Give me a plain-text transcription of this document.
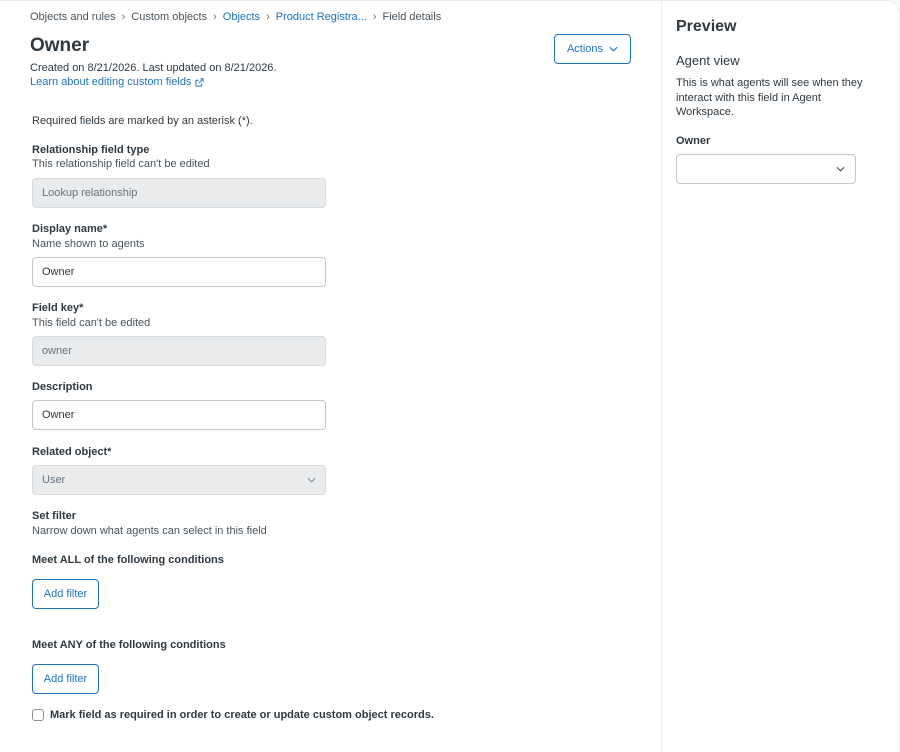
Objects and rules › Custom objects › Objects › Product Registra... › Field details
Owner
Created on 8/21/2026. Last updated on 8/21/2026.
Learn about editing custom fields
Actions
Required fields are marked by an asterisk (*).
Relationship field type
This relationship field can't be edited
Lookup relationship
Display name*
Name shown to agents
Owner
Field key*
This field can't be edited
owner
Description
Owner
Related object*
User
Set filter
Narrow down what agents can select in this field
Meet ALL of the following conditions
Add filter
Meet ANY of the following conditions
Add filter
Mark field as required in order to create or update custom object records.
Preview
Agent view
This is what agents will see when they interact with this field in Agent Workspace.
Owner
